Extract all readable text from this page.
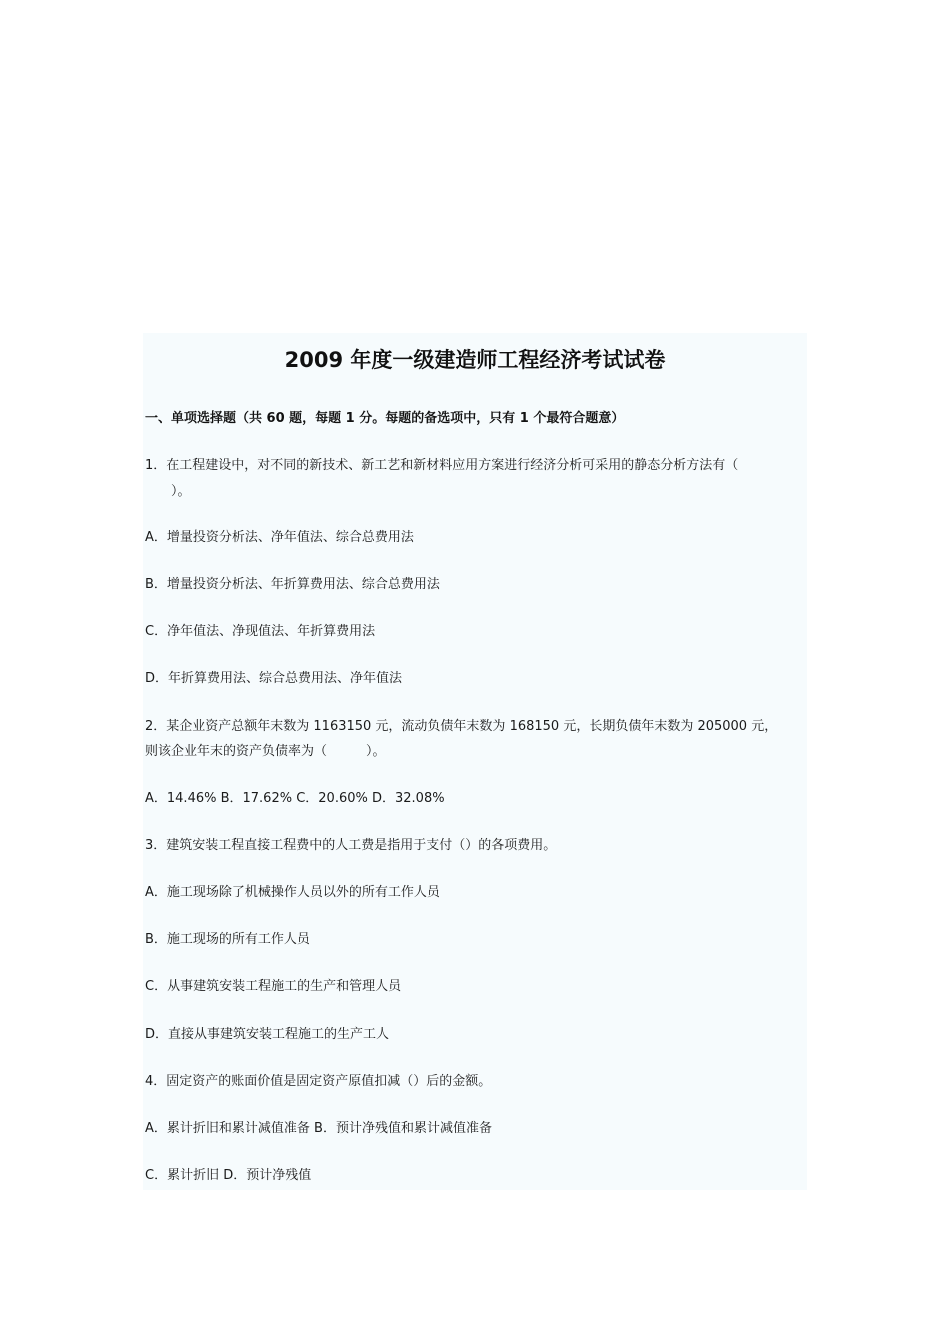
2009 年度一级建造师工程经济考试试卷
一、单项选择题（共 60 题，每题 1 分。每题的备选项中，只有 1 个最符合题意）
1．在工程建设中，对不同的新技术、新工艺和新材料应用方案进行经济分析可采用的静态分析方法有（
　　）。
A．增量投资分析法、净年值法、综合总费用法
B．增量投资分析法、年折算费用法、综合总费用法
C．净年值法、净现值法、年折算费用法
D．年折算费用法、综合总费用法、净年值法
2．某企业资产总额年末数为 1163150 元，流动负债年末数为 168150 元，长期负债年末数为 205000 元，
则该企业年末的资产负债率为（　　　）。
A．14.46% B．17.62% C．20.60% D．32.08%
3．建筑安装工程直接工程费中的人工费是指用于支付（）的各项费用。
A．施工现场除了机械操作人员以外的所有工作人员
B．施工现场的所有工作人员
C．从事建筑安装工程施工的生产和管理人员
D．直接从事建筑安装工程施工的生产工人
4．固定资产的账面价值是固定资产原值扣减（）后的金额。
A．累计折旧和累计减值准备 B．预计净残值和累计减值准备
C．累计折旧 D．预计净残值
